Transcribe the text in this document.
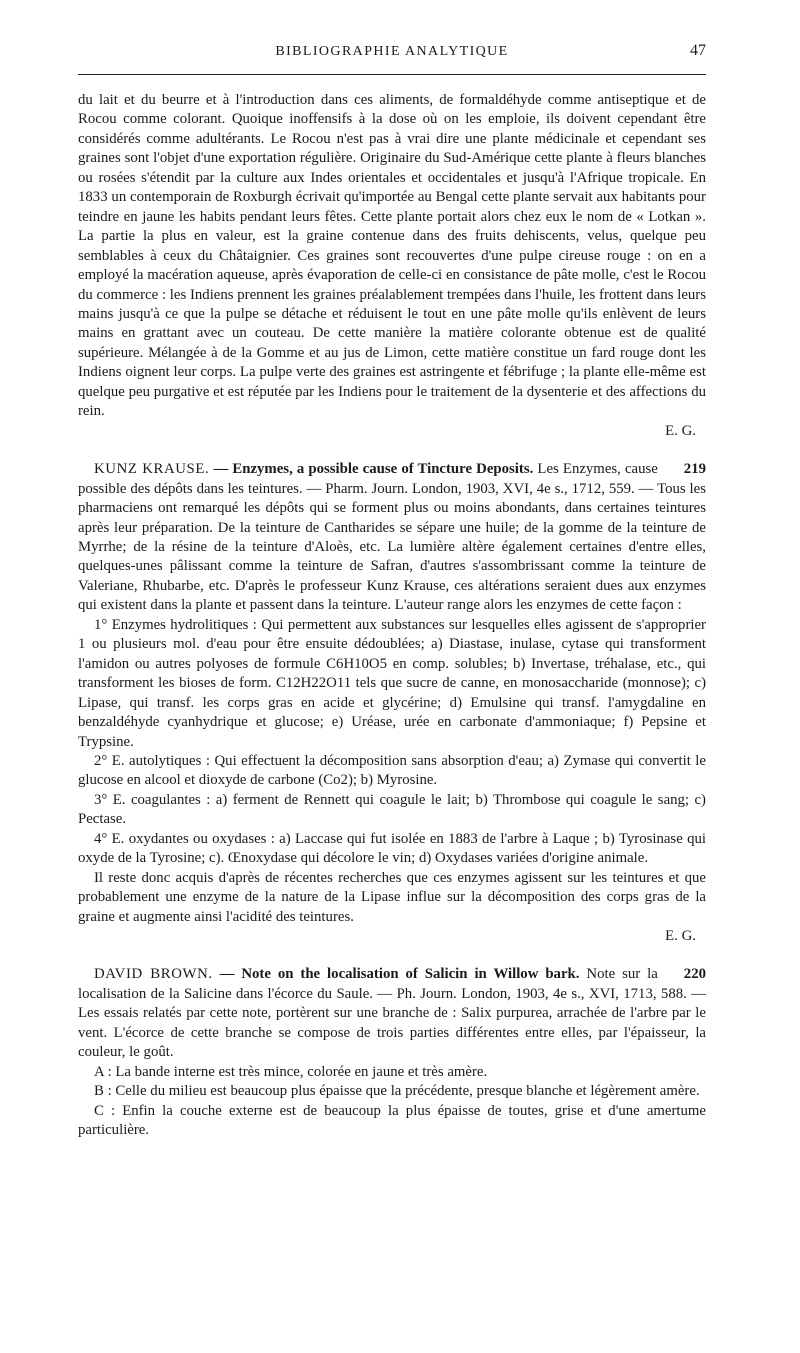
BIBLIOGRAPHIE ANALYTIQUE	47

du lait et du beurre et à l'introduction dans ces aliments, de formaldéhyde comme antiseptique et de Rocou comme colorant. Quoique inoffensifs à la dose où on les emploie, ils doivent cependant être considérés comme adultérants. Le Rocou n'est pas à vrai dire une plante médicinale et cependant ses graines sont l'objet d'une exportation régulière. Originaire du Sud-Amérique cette plante à fleurs blanches ou rosées s'étendit par la culture aux Indes orientales et occidentales et jusqu'à l'Afrique tropicale. En 1833 un contemporain de Roxburgh écrivait qu'importée au Bengal cette plante servait aux habitants pour teindre en jaune les habits pendant leurs fêtes. Cette plante portait alors chez eux le nom de « Lotkan ». La partie la plus en valeur, est la graine contenue dans des fruits dehiscents, velus, quelque peu semblables à ceux du Châtaignier. Ces graines sont recouvertes d'une pulpe cireuse rouge : on en a employé la macération aqueuse, après évaporation de celle-ci en consistance de pâte molle, c'est le Rocou du commerce : les Indiens prennent les graines préalablement trempées dans l'huile, les frottent dans leurs mains jusqu'à ce que la pulpe se détache et réduisent le tout en une pâte molle qu'ils enlèvent de leurs mains en grattant avec un couteau. De cette manière la matière colorante obtenue est de qualité supérieure. Mélangée à de la Gomme et au jus de Limon, cette matière constitue un fard rouge dont les Indiens oignent leur corps. La pulpe verte des graines est astringente et fébrifuge ; la plante elle-même est quelque peu purgative et est réputée par les Indiens pour le traitement de la dysenterie et des affections du rein.

E. G.

219
KUNZ KRAUSE. — Enzymes, a possible cause of Tincture Deposits. Les Enzymes, cause possible des dépôts dans les teintures. — Pharm. Journ. London, 1903, XVI, 4e s., 1712, 559. — Tous les pharmaciens ont remarqué les dépôts qui se forment plus ou moins abondants, dans certaines teintures après leur préparation. De la teinture de Cantharides se sépare une huile; de la gomme de la teinture de Myrrhe; de la résine de la teinture d'Aloès, etc. La lumière altère également certaines d'entre elles, quelques-unes pâlissant comme la teinture de Safran, d'autres s'assombrissant comme la teinture de Valeriane, Rhubarbe, etc. D'après le professeur Kunz Krause, ces altérations seraient dues aux enzymes qui existent dans la plante et passent dans la teinture. L'auteur range alors les enzymes de cette façon :

1° Enzymes hydrolitiques : Qui permettent aux substances sur lesquelles elles agissent de s'approprier 1 ou plusieurs mol. d'eau pour être ensuite dédoublées; a) Diastase, inulase, cytase qui transforment l'amidon ou autres polyoses de formule C6H10O5 en comp. solubles; b) Invertase, tréhalase, etc., qui transforment les bioses de form. C12H22O11 tels que sucre de canne, en monosaccharide (monnose); c) Lipase, qui transf. les corps gras en acide et glycérine; d) Emulsine qui transf. l'amygdaline en benzaldéhyde cyanhydrique et glucose; e) Uréase, urée en carbonate d'ammoniaque; f) Pepsine et Trypsine.

2° E. autolytiques : Qui effectuent la décomposition sans absorption d'eau; a) Zymase qui convertit le glucose en alcool et dioxyde de carbone (Co2); b) Myrosine.

3° E. coagulantes : a) ferment de Rennett qui coagule le lait; b) Thrombose qui coagule le sang; c) Pectase.

4° E. oxydantes ou oxydases : a) Laccase qui fut isolée en 1883 de l'arbre à Laque ; b) Tyrosinase qui oxyde de la Tyrosine; c). Œnoxydase qui décolore le vin; d) Oxydases variées d'origine animale.

Il reste donc acquis d'après de récentes recherches que ces enzymes agissent sur les teintures et que probablement une enzyme de la nature de la Lipase influe sur la décomposition des corps gras de la graine et augmente ainsi l'acidité des teintures.

E. G.

220
DAVID BROWN. — Note on the localisation of Salicin in Willow bark. Note sur la localisation de la Salicine dans l'écorce du Saule. — Ph. Journ. London, 1903, 4e s., XVI, 1713, 588. — Les essais relatés par cette note, portèrent sur une branche de : Salix purpurea, arrachée de l'arbre par le vent. L'écorce de cette branche se compose de trois parties différentes entre elles, par l'épaisseur, la couleur, le goût.

A : La bande interne est très mince, colorée en jaune et très amère.

B : Celle du milieu est beaucoup plus épaisse que la précédente, presque blanche et légèrement amère.

C : Enfin la couche externe est de beaucoup la plus épaisse de toutes, grise et d'une amertume particulière.
